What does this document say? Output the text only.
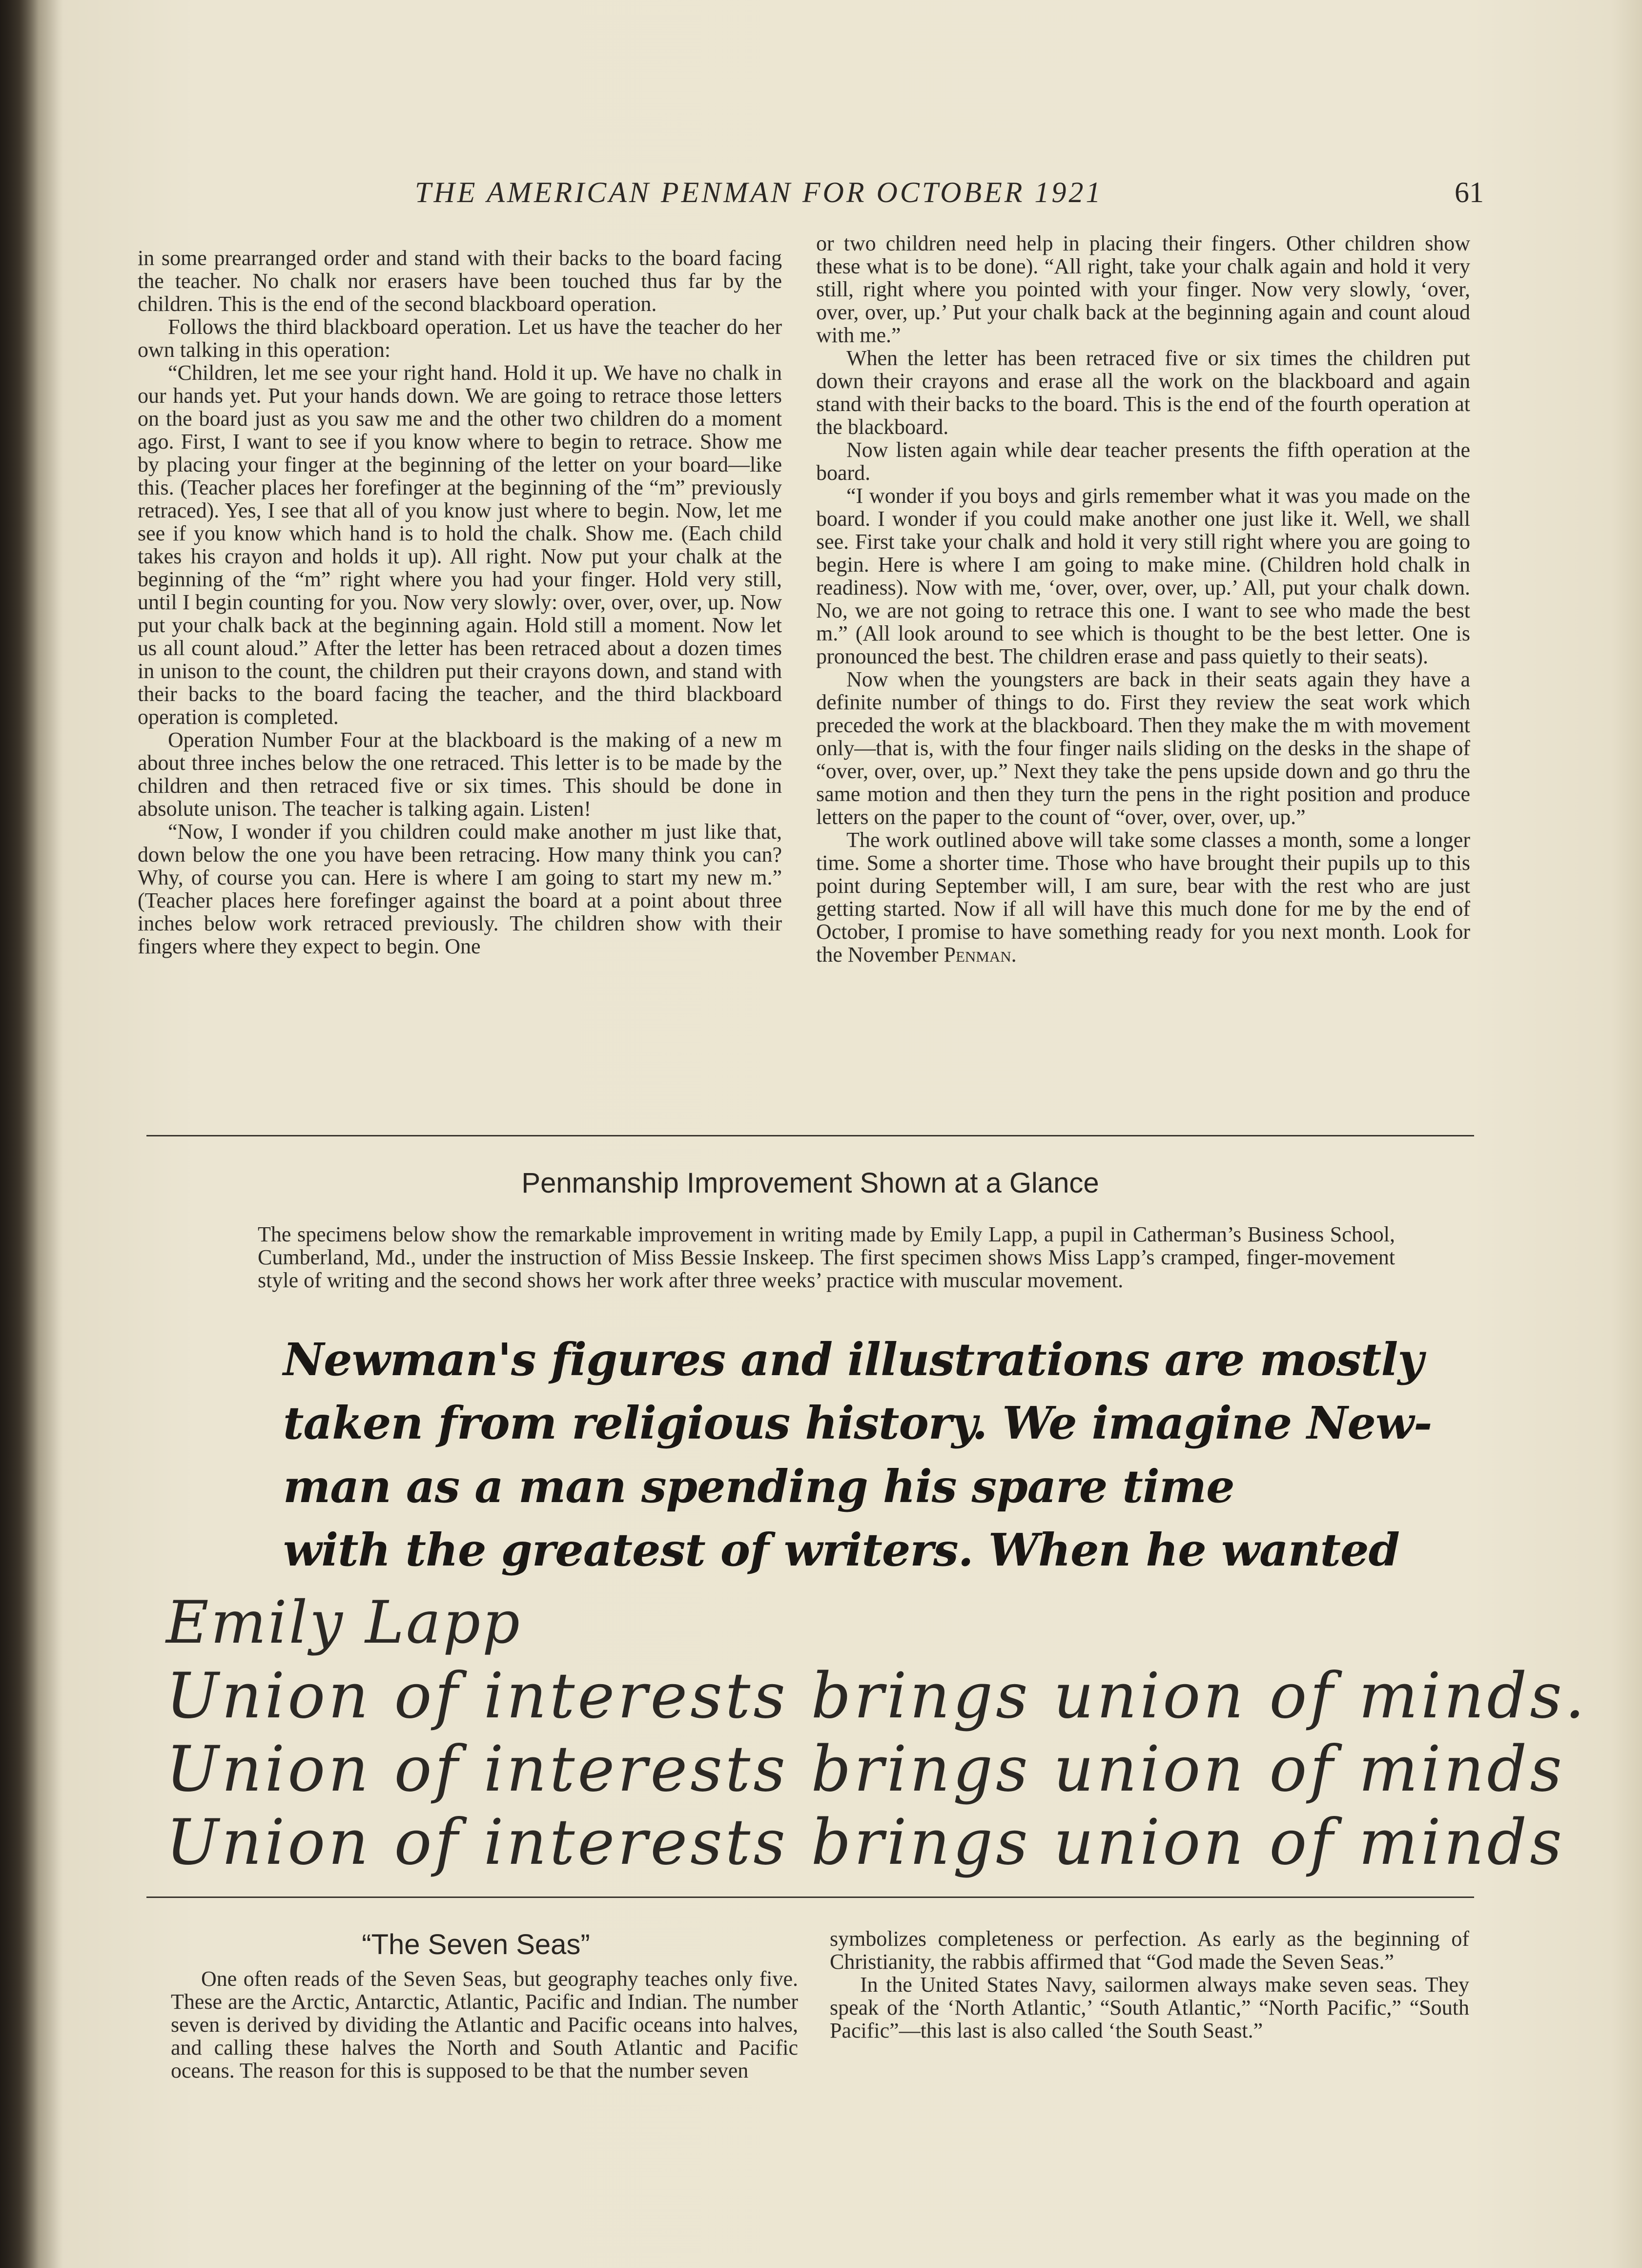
THE AMERICAN PENMAN FOR OCTOBER 1921	61

in some prearranged order and stand with their backs to the board facing the teacher. No chalk nor erasers have been touched thus far by the children. This is the end of the second blackboard operation.

Follows the third blackboard operation. Let us have the teacher do her own talking in this operation:

“Children, let me see your right hand. Hold it up. We have no chalk in our hands yet. Put your hands down. We are going to retrace those letters on the board just as you saw me and the other two children do a moment ago. First, I want to see if you know where to begin to retrace. Show me by placing your finger at the beginning of the letter on your board—like this. (Teacher places her forefinger at the beginning of the “m” previously retraced). Yes, I see that all of you know just where to begin. Now, let me see if you know which hand is to hold the chalk. Show me. (Each child takes his crayon and holds it up). All right. Now put your chalk at the beginning of the “m” right where you had your finger. Hold very still, until I begin counting for you. Now very slowly: over, over, over, up. Now put your chalk back at the beginning again. Hold still a moment. Now let us all count aloud.” After the letter has been retraced about a dozen times in unison to the count, the children put their crayons down, and stand with their backs to the board facing the teacher, and the third blackboard operation is completed.

Operation Number Four at the blackboard is the making of a new m about three inches below the one retraced. This letter is to be made by the children and then retraced five or six times. This should be done in absolute unison. The teacher is talking again. Listen!

“Now, I wonder if you children could make another m just like that, down below the one you have been retracing. How many think you can? Why, of course you can. Here is where I am going to start my new m.” (Teacher places here forefinger against the board at a point about three inches below work retraced previously. The children show with their fingers where they expect to begin. One

or two children need help in placing their fingers. Other children show these what is to be done). “All right, take your chalk again and hold it very still, right where you pointed with your finger. Now very slowly, ‘over, over, over, up.’ Put your chalk back at the beginning again and count aloud with me.”

When the letter has been retraced five or six times the children put down their crayons and erase all the work on the blackboard and again stand with their backs to the board. This is the end of the fourth operation at the blackboard.

Now listen again while dear teacher presents the fifth operation at the board.

“I wonder if you boys and girls remember what it was you made on the board. I wonder if you could make another one just like it. Well, we shall see. First take your chalk and hold it very still right where you are going to begin. Here is where I am going to make mine. (Children hold chalk in readiness). Now with me, ‘over, over, over, up.’ All, put your chalk down. No, we are not going to retrace this one. I want to see who made the best m.” (All look around to see which is thought to be the best letter. One is pronounced the best. The children erase and pass quietly to their seats).

Now when the youngsters are back in their seats again they have a definite number of things to do. First they review the seat work which preceded the work at the blackboard. Then they make the m with movement only—that is, with the four finger nails sliding on the desks in the shape of “over, over, over, up.” Next they take the pens upside down and go thru the same motion and then they turn the pens in the right position and produce letters on the paper to the count of “over, over, over, up.”

The work outlined above will take some classes a month, some a longer time. Some a shorter time. Those who have brought their pupils up to this point during September will, I am sure, bear with the rest who are just getting started. Now if all will have this much done for me by the end of October, I promise to have something ready for you next month. Look for the November Penman.

Penmanship Improvement Shown at a Glance

The specimens below show the remarkable improvement in writing made by Emily Lapp, a pupil in Catherman’s Business School, Cumberland, Md., under the instruction of Miss Bessie Inskeep. The first specimen shows Miss Lapp’s cramped, finger-movement style of writing and the second shows her work after three weeks’ practice with muscular movement.

Newman's figures and illustrations are mostly
taken from religious history. We imagine New-
man as a man spending his spare time
with the greatest of writers. When he wanted
Emily Lapp
Union of interests brings union of minds.
Union of interests brings union of minds
Union of interests brings union of minds
“The Seven Seas”

One often reads of the Seven Seas, but geography teaches only five. These are the Arctic, Antarctic, Atlantic, Pacific and Indian. The number seven is derived by dividing the Atlantic and Pacific oceans into halves, and calling these halves the North and South Atlantic and Pacific oceans. The reason for this is supposed to be that the number seven

symbolizes completeness or perfection. As early as the beginning of Christianity, the rabbis affirmed that “God made the Seven Seas.”

In the United States Navy, sailormen always make seven seas. They speak of the ‘North Atlantic,’ “South Atlantic,” “North Pacific,” “South Pacific”—this last is also called ‘the South Seast.”
